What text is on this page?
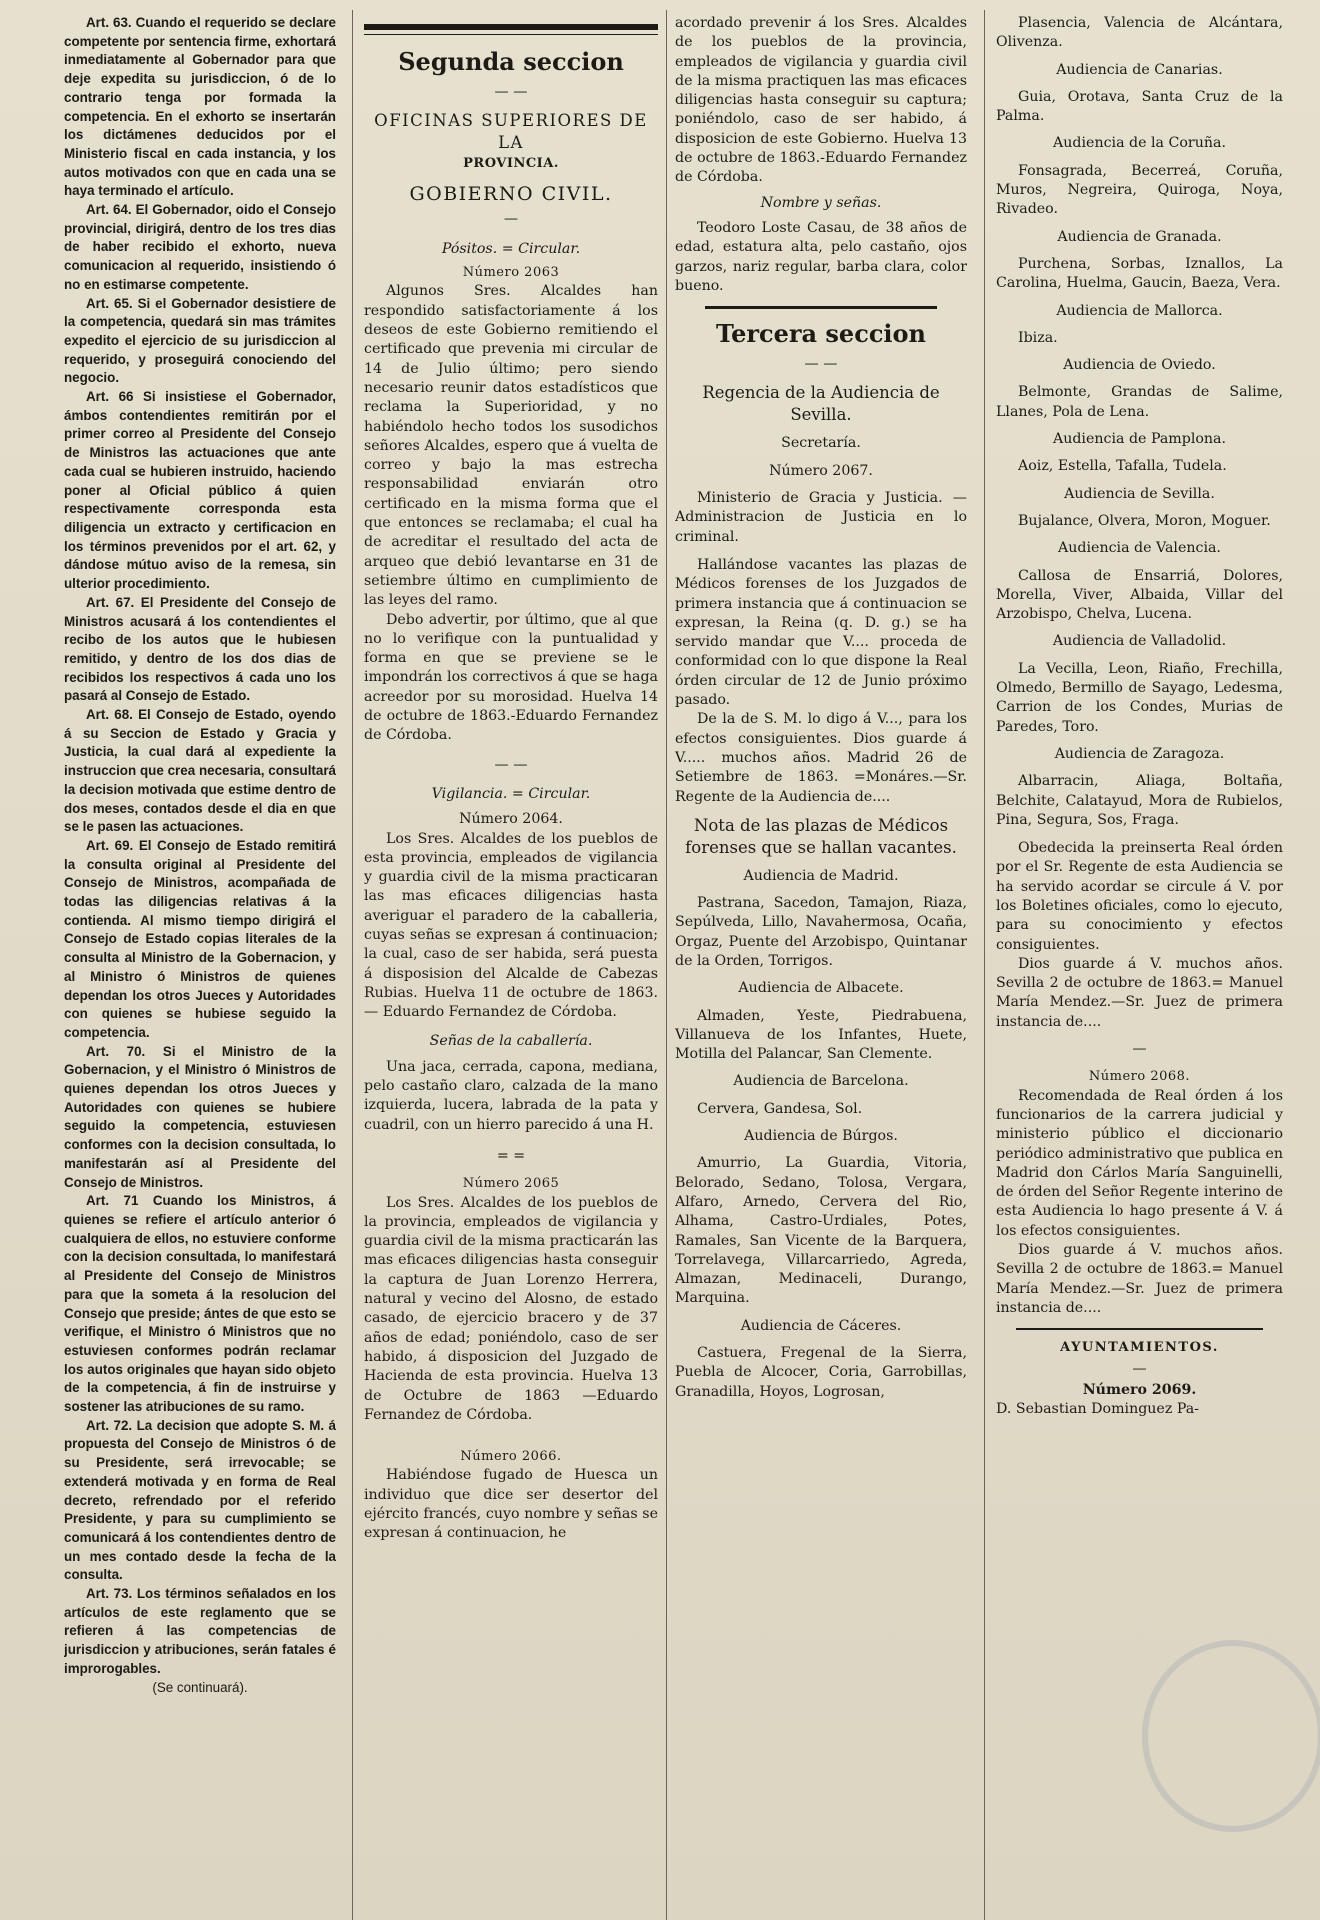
Art. 63. Cuando el requerido se declare competente por sentencia firme, exhortará inmediatamente al Gobernador para que deje expedita su jurisdiccion, ó de lo contrario tenga por formada la competencia. En el exhorto se insertarán los dictámenes deducidos por el Ministerio fiscal en cada instancia, y los autos motivados con que en cada una se haya terminado el artículo.

Art. 64. El Gobernador, oido el Consejo provincial, dirigirá, dentro de los tres dias de haber recibido el exhorto, nueva comunicacion al requerido, insistiendo ó no en estimarse competente.

Art. 65. Si el Gobernador desistiere de la competencia, quedará sin mas trámites expedito el ejercicio de su jurisdiccion al requerido, y proseguirá conociendo del negocio.

Art. 66 Si insistiese el Gobernador, ámbos contendientes remitirán por el primer correo al Presidente del Consejo de Ministros las actuaciones que ante cada cual se hubieren instruido, haciendo poner al Oficial público á quien respectivamente corresponda esta diligencia un extracto y certificacion en los términos prevenidos por el art. 62, y dándose mútuo aviso de la remesa, sin ulterior procedimiento.

Art. 67. El Presidente del Consejo de Ministros acusará á los contendientes el recibo de los autos que le hubiesen remitido, y dentro de los dos dias de recibidos los respectivos á cada uno los pasará al Consejo de Estado.

Art. 68. El Consejo de Estado, oyendo á su Seccion de Estado y Gracia y Justicia, la cual dará al expediente la instruccion que crea necesaria, consultará la decision motivada que estime dentro de dos meses, contados desde el dia en que se le pasen las actuaciones.

Art. 69. El Consejo de Estado remitirá la consulta original al Presidente del Consejo de Ministros, acompañada de todas las diligencias relativas á la contienda. Al mismo tiempo dirigirá el Consejo de Estado copias literales de la consulta al Ministro de la Gobernacion, y al Ministro ó Ministros de quienes dependan los otros Jueces y Autoridades con quienes se hubiese seguido la competencia.

Art. 70. Si el Ministro de la Gobernacion, y el Ministro ó Ministros de quienes dependan los otros Jueces y Autoridades con quienes se hubiere seguido la competencia, estuviesen conformes con la decision consultada, lo manifestarán así al Presidente del Consejo de Ministros.

Art. 71 Cuando los Ministros, á quienes se refiere el artículo anterior ó cualquiera de ellos, no estuviere conforme con la decision consultada, lo manifestará al Presidente del Consejo de Ministros para que la someta á la resolucion del Consejo que preside; ántes de que esto se verifique, el Ministro ó Ministros que no estuviesen conformes podrán reclamar los autos originales que hayan sido objeto de la competencia, á fin de instruirse y sostener las atribuciones de su ramo.

Art. 72. La decision que adopte S. M. á propuesta del Consejo de Ministros ó de su Presidente, será irrevocable; se extenderá motivada y en forma de Real decreto, refrendado por el referido Presidente, y para su cumplimiento se comunicará á los contendientes dentro de un mes contado desde la fecha de la consulta.

Art. 73. Los términos señalados en los artículos de este reglamento que se refieren á las competencias de jurisdiccion y atribuciones, serán fatales é improrogables.

(Se continuará).

Segunda seccion

— —

OFICINAS SUPERIORES DE LA

PROVINCIA.

GOBIERNO CIVIL.

—

Pósitos. = Circular.

Número 2063

Algunos Sres. Alcaldes han respondido satisfactoriamente á los deseos de este Gobierno remitiendo el certificado que prevenia mi circular de 14 de Julio último; pero siendo necesario reunir datos estadísticos que reclama la Superioridad, y no habiéndolo hecho todos los susodichos señores Alcaldes, espero que á vuelta de correo y bajo la mas estrecha responsabilidad enviarán otro certificado en la misma forma que el que entonces se reclamaba; el cual ha de acreditar el resultado del acta de arqueo que debió levantarse en 31 de setiembre último en cumplimiento de las leyes del ramo.

Debo advertir, por último, que al que no lo verifique con la puntualidad y forma en que se previene se le impondrán los correctivos á que se haga acreedor por su morosidad. Huelva 14 de octubre de 1863.-Eduardo Fernandez de Córdoba.

— —

Vigilancia. = Circular.

Número 2064.

Los Sres. Alcaldes de los pueblos de esta provincia, empleados de vigilancia y guardia civil de la misma practicaran las mas eficaces diligencias hasta averiguar el paradero de la caballeria, cuyas señas se expresan á continuacion; la cual, caso de ser habida, será puesta á disposision del Alcalde de Cabezas Rubias. Huelva 11 de octubre de 1863. — Eduardo Fernandez de Córdoba.

Señas de la caballería.

Una jaca, cerrada, capona, mediana, pelo castaño claro, calzada de la mano izquierda, lucera, labrada de la pata y cuadril, con un hierro parecido á una H.

= =

Número 2065

Los Sres. Alcaldes de los pueblos de la provincia, empleados de vigilancia y guardia civil de la misma practicarán las mas eficaces diligencias hasta conseguir la captura de Juan Lorenzo Herrera, natural y vecino del Alosno, de estado casado, de ejercicio bracero y de 37 años de edad; poniéndolo, caso de ser habido, á disposicion del Juzgado de Hacienda de esta provincia. Huelva 13 de Octubre de 1863 —Eduardo Fernandez de Córdoba.

Número 2066.

Habiéndose fugado de Huesca un individuo que dice ser desertor del ejército francés, cuyo nombre y señas se expresan á continuacion, he

acordado prevenir á los Sres. Alcaldes de los pueblos de la provincia, empleados de vigilancia y guardia civil de la misma practiquen las mas eficaces diligencias hasta conseguir su captura; poniéndolo, caso de ser habido, á disposicion de este Gobierno. Huelva 13 de octubre de 1863.-Eduardo Fernandez de Córdoba.

Nombre y señas.

Teodoro Loste Casau, de 38 años de edad, estatura alta, pelo castaño, ojos garzos, nariz regular, barba clara, color bueno.

Tercera seccion

— —

Regencia de la Audiencia de Sevilla.

Secretaría.

Número 2067.

Ministerio de Gracia y Justicia. —Administracion de Justicia en lo criminal.

Hallándose vacantes las plazas de Médicos forenses de los Juzgados de primera instancia que á continuacion se expresan, la Reina (q. D. g.) se ha servido mandar que V.... proceda de conformidad con lo que dispone la Real órden circular de 12 de Junio próximo pasado.

De la de S. M. lo digo á V..., para los efectos consiguientes. Dios guarde á V..... muchos años. Madrid 26 de Setiembre de 1863. =Monáres.—Sr. Regente de la Audiencia de....

Nota de las plazas de Médicos forenses que se hallan vacantes.

Audiencia de Madrid.

Pastrana, Sacedon, Tamajon, Riaza, Sepúlveda, Lillo, Navahermosa, Ocaña, Orgaz, Puente del Arzobispo, Quintanar de la Orden, Torrigos.

Audiencia de Albacete.

Almaden, Yeste, Piedrabuena, Villanueva de los Infantes, Huete, Motilla del Palancar, San Clemente.

Audiencia de Barcelona.

Cervera, Gandesa, Sol.

Audiencia de Búrgos.

Amurrio, La Guardia, Vitoria, Belorado, Sedano, Tolosa, Vergara, Alfaro, Arnedo, Cervera del Rio, Alhama, Castro-Urdiales, Potes, Ramales, San Vicente de la Barquera, Torrelavega, Villarcarriedo, Agreda, Almazan, Medinaceli, Durango, Marquina.

Audiencia de Cáceres.

Castuera, Fregenal de la Sierra, Puebla de Alcocer, Coria, Garrobillas, Granadilla, Hoyos, Logrosan,

Plasencia, Valencia de Alcántara, Olivenza.

Audiencia de Canarias.

Guia, Orotava, Santa Cruz de la Palma.

Audiencia de la Coruña.

Fonsagrada, Becerreá, Coruña, Muros, Negreira, Quiroga, Noya, Rivadeo.

Audiencia de Granada.

Purchena, Sorbas, Iznallos, La Carolina, Huelma, Gaucin, Baeza, Vera.

Audiencia de Mallorca.

Ibiza.

Audiencia de Oviedo.

Belmonte, Grandas de Salime, Llanes, Pola de Lena.

Audiencia de Pamplona.

Aoiz, Estella, Tafalla, Tudela.

Audiencia de Sevilla.

Bujalance, Olvera, Moron, Moguer.

Audiencia de Valencia.

Callosa de Ensarriá, Dolores, Morella, Viver, Albaida, Villar del Arzobispo, Chelva, Lucena.

Audiencia de Valladolid.

La Vecilla, Leon, Riaño, Frechilla, Olmedo, Bermillo de Sayago, Ledesma, Carrion de los Condes, Murias de Paredes, Toro.

Audiencia de Zaragoza.

Albarracin, Aliaga, Boltaña, Belchite, Calatayud, Mora de Rubielos, Pina, Segura, Sos, Fraga.

Obedecida la preinserta Real órden por el Sr. Regente de esta Audiencia se ha servido acordar se circule á V. por los Boletines oficiales, como lo ejecuto, para su conocimiento y efectos consiguientes.

Dios guarde á V. muchos años. Sevilla 2 de octubre de 1863.= Manuel María Mendez.—Sr. Juez de primera instancia de....

—

Número 2068.

Recomendada de Real órden á los funcionarios de la carrera judicial y ministerio público el diccionario periódico administrativo que publica en Madrid don Cárlos María Sanguinelli, de órden del Señor Regente interino de esta Audiencia lo hago presente á V. á los efectos consiguientes.

Dios guarde á V. muchos años. Sevilla 2 de octubre de 1863.= Manuel María Mendez.—Sr. Juez de primera instancia de....

AYUNTAMIENTOS.

—

Número 2069.

D. Sebastian Dominguez Pa-
